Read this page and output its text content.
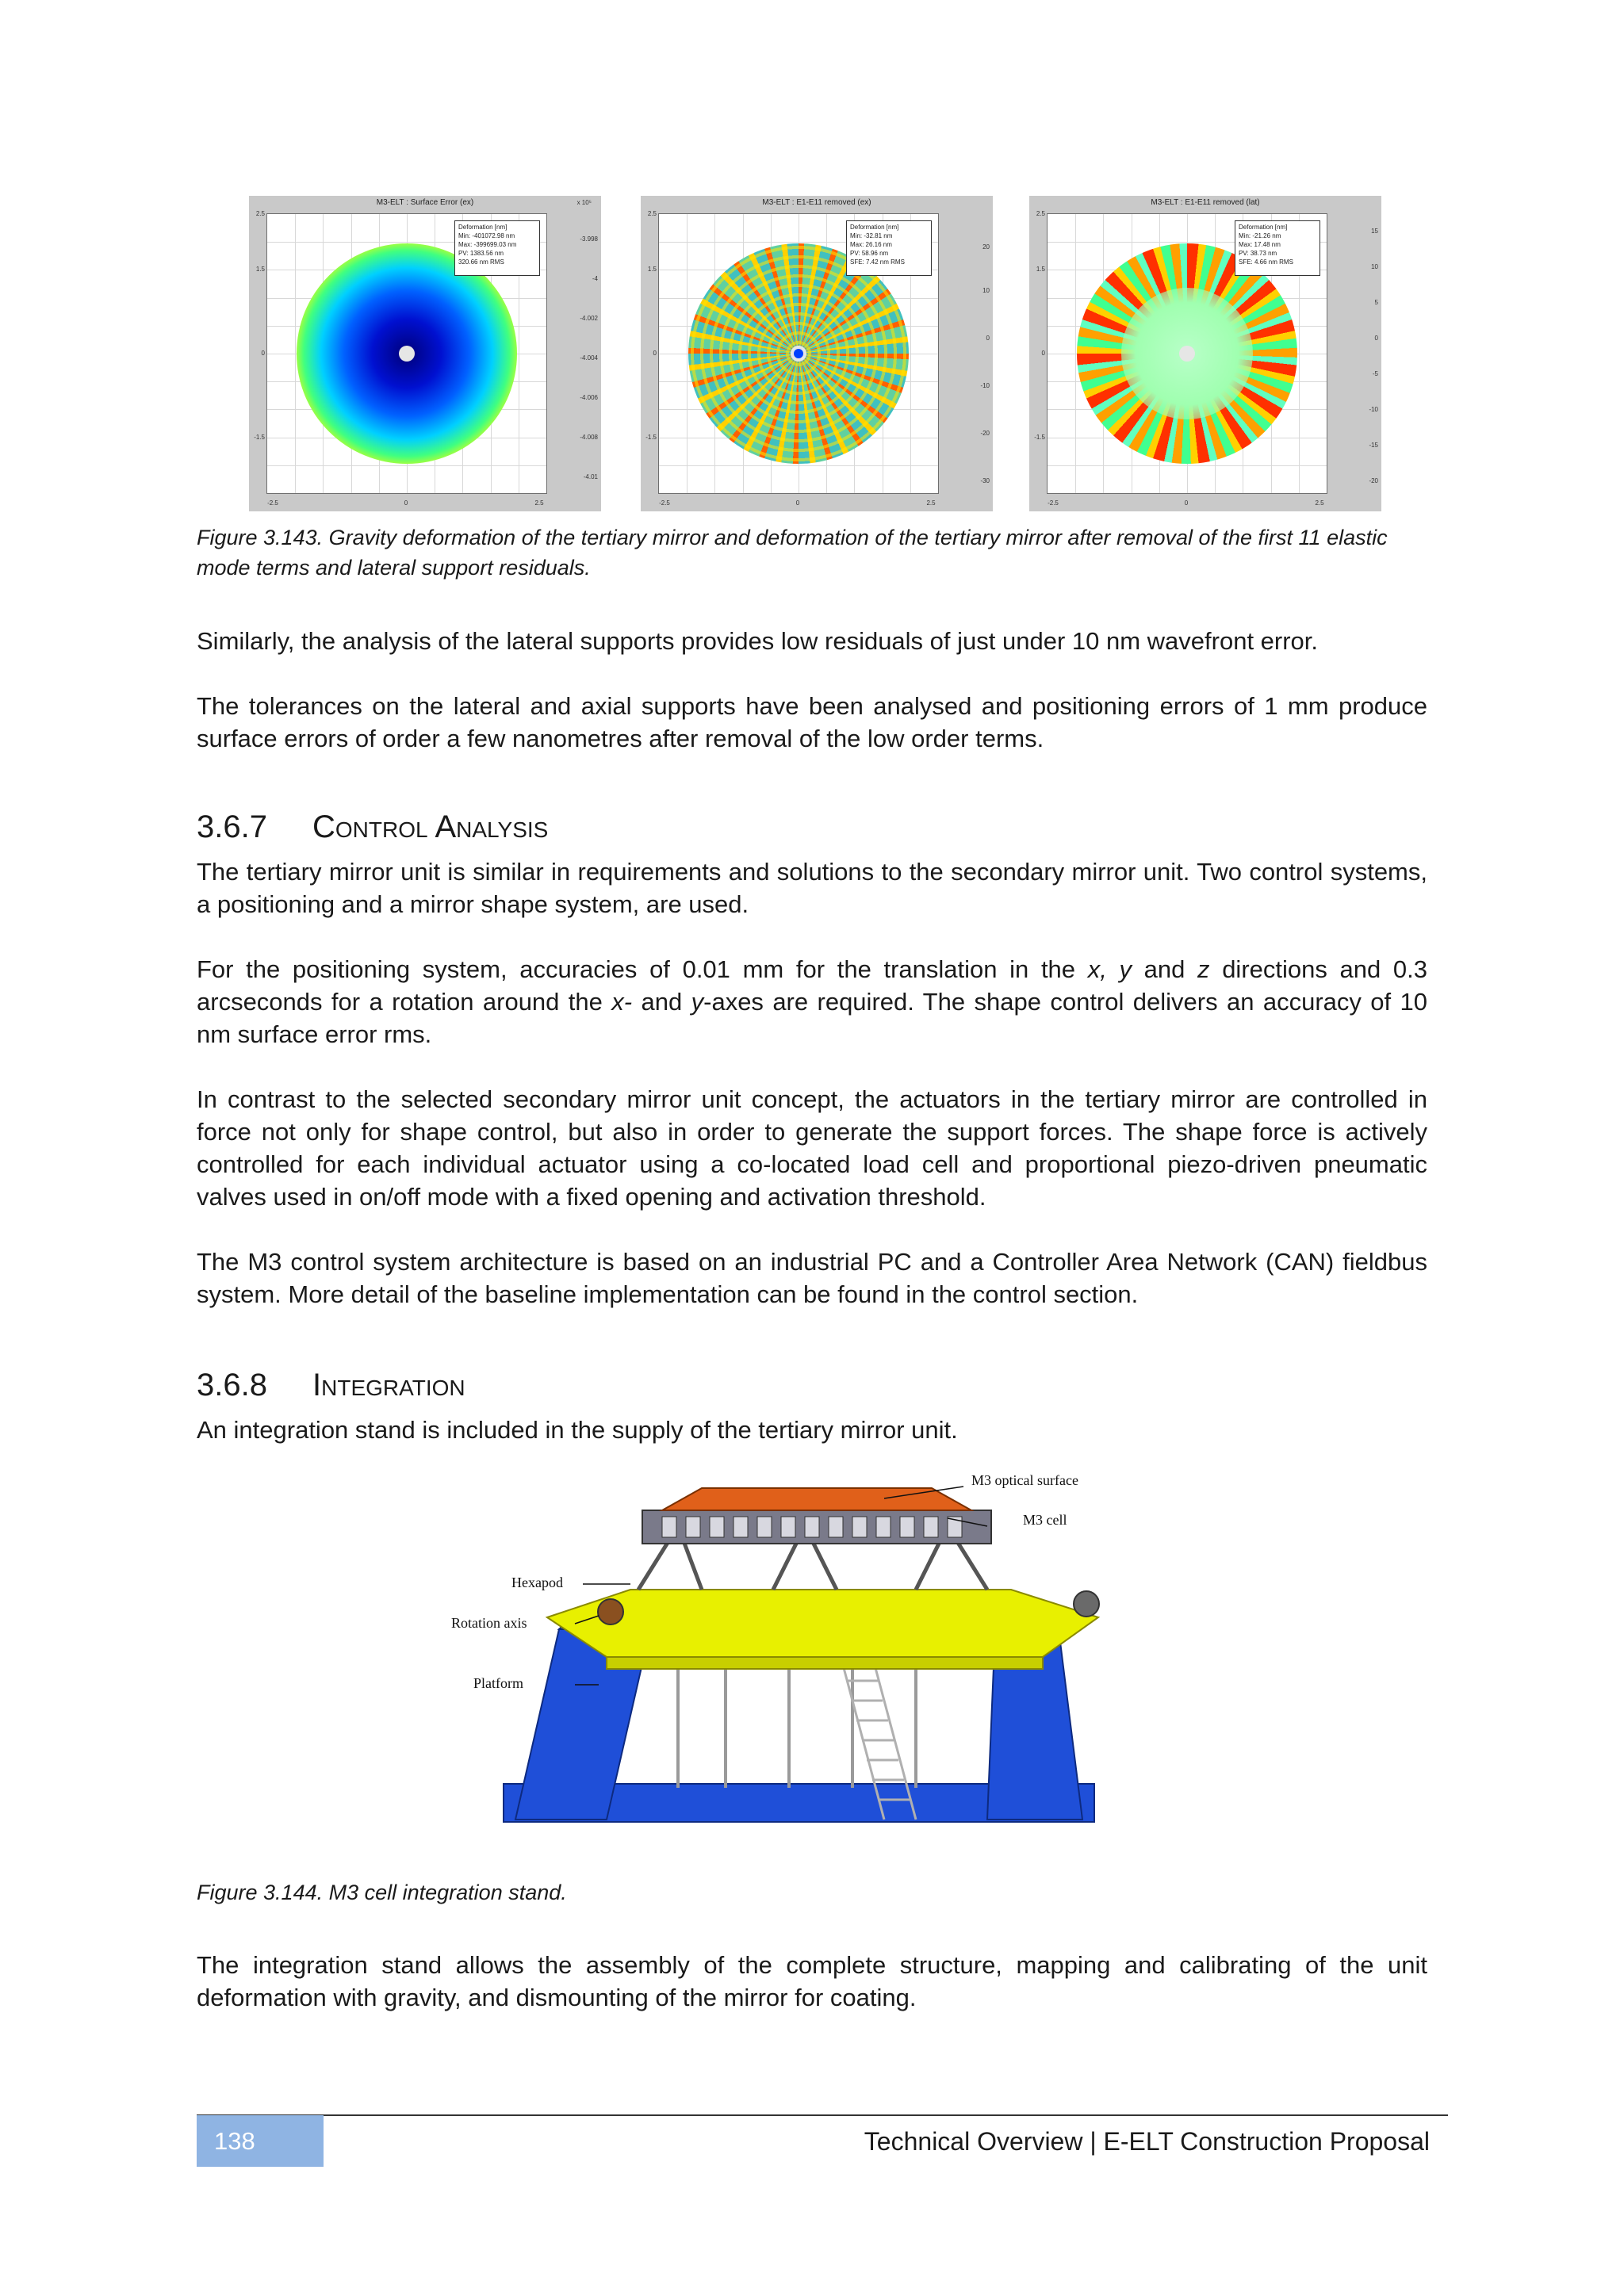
M3-ELT : Surface Error (ex)
Deformation [nm]
Min: -401072.98 nm
Max: -399699.03 nm
PV: 1383.56 nm
320.66 nm RMS
2.5
1.5
0
-1.5
-2.5	0	2.5
x 10⁵
-3.998
-4
-4.002
-4.004
-4.006
-4.008
-4.01
M3-ELT : E1-E11 removed (ex)
Deformation [nm]
Min: -32.81 nm
Max: 26.16 nm
PV: 58.96 nm
SFE: 7.42 nm RMS
2.5
1.5
0
-1.5
-2.5	0	2.5
20
10
0
-10
-20
-30
M3-ELT : E1-E11 removed (lat)
Deformation [nm]
Min: -21.26 nm
Max: 17.48 nm
PV: 38.73 nm
SFE: 4.66 nm RMS
2.5
1.5
0
-1.5
-2.5	0	2.5
15
10
5
0
-5
-10
-15
-20
Figure 3.143. Gravity deformation of the tertiary mirror and deformation of the tertiary mirror after removal of the first 11 elastic mode terms and lateral support residuals.
Similarly, the analysis of the lateral supports provides low residuals of just under 10 nm wavefront error.
The tolerances on the lateral and axial supports have been analysed and positioning errors of 1 mm produce surface errors of order a few nanometres after removal of the low order terms.
3.6.7 Control Analysis
The tertiary mirror unit is similar in requirements and solutions to the secondary mirror unit. Two control systems, a positioning and a mirror shape system, are used.
For the positioning system, accuracies of 0.01 mm for the translation in the x, y and z directions and 0.3 arcseconds for a rotation around the x- and y-axes are required. The shape control delivers an accuracy of 10 nm surface error rms.
In contrast to the selected secondary mirror unit concept, the actuators in the tertiary mirror are controlled in force not only for shape control, but also in order to generate the support forces. The shape force is actively controlled for each individual actuator using a co-located load cell and proportional piezo-driven pneumatic valves used in on/off mode with a fixed opening and activation threshold.
The M3 control system architecture is based on an industrial PC and a Controller Area Network (CAN) fieldbus system. More detail of the baseline implementation can be found in the control section.
3.6.8 Integration
An integration stand is included in the supply of the tertiary mirror unit.
M3 optical surface
M3 cell
Hexapod
Rotation axis
Platform
Figure 3.144. M3 cell integration stand.
The integration stand allows the assembly of the complete structure, mapping and calibrating of the unit deformation with gravity, and dismounting of the mirror for coating.
138	Technical Overview | E-ELT Construction Proposal
